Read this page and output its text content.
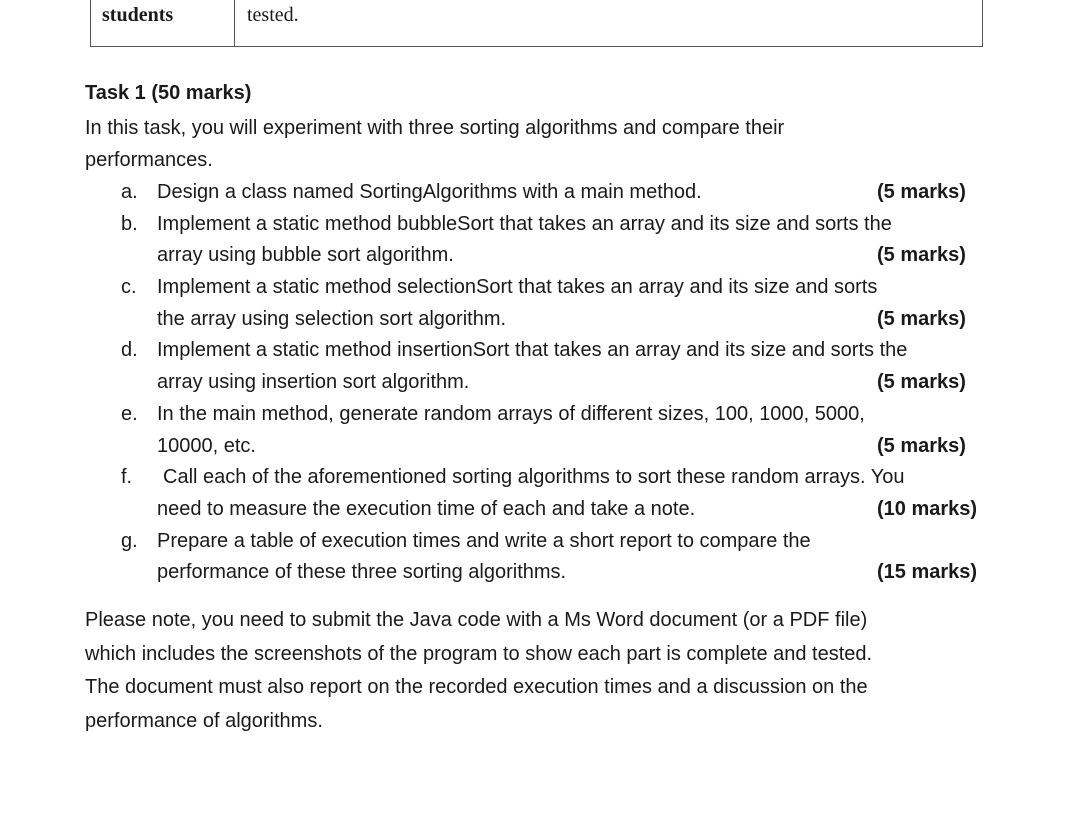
students	tested.
Task 1 (50 marks)
In this task, you will experiment with three sorting algorithms and compare their
performances.
a. Design a class named SortingAlgorithms with a main method.	(5 marks)
b. Implement a static method bubbleSort that takes an array and its size and sorts the
array using bubble sort algorithm.	(5 marks)
c. Implement a static method selectionSort that takes an array and its size and sorts
the array using selection sort algorithm.	(5 marks)
d. Implement a static method insertionSort that takes an array and its size and sorts the
array using insertion sort algorithm.	(5 marks)
e. In the main method, generate random arrays of different sizes, 100, 1000, 5000,
10000, etc.	(5 marks)
f. Call each of the aforementioned sorting algorithms to sort these random arrays. You
need to measure the execution time of each and take a note.	(10 marks)
g. Prepare a table of execution times and write a short report to compare the
performance of these three sorting algorithms.	(15 marks)
Please note, you need to submit the Java code with a Ms Word document (or a PDF file)
which includes the screenshots of the program to show each part is complete and tested.
The document must also report on the recorded execution times and a discussion on the
performance of algorithms.
